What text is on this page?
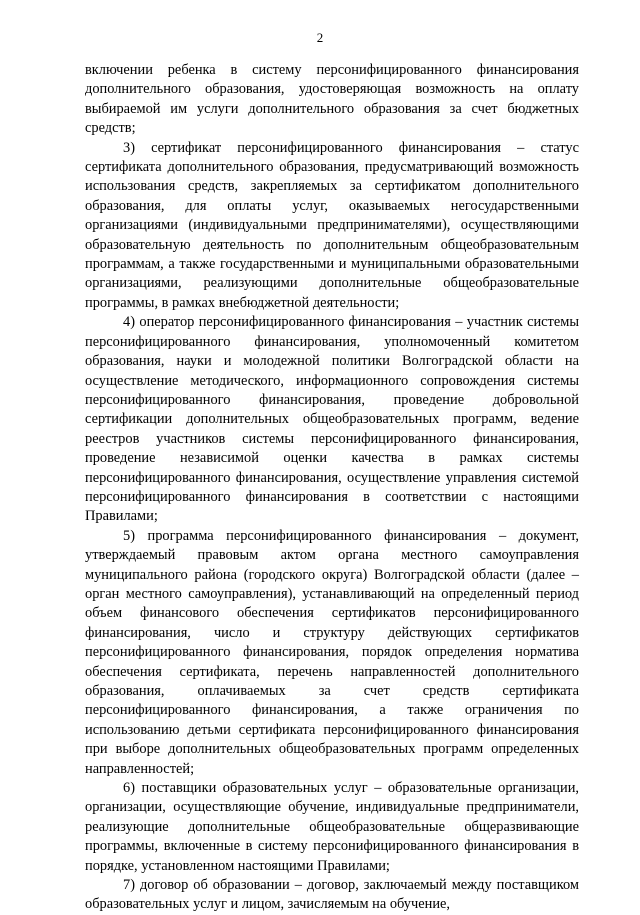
2

включении ребенка в систему персонифицированного финансирования дополнительного образования, удостоверяющая возможность на оплату выбираемой им услуги дополнительного образования за счет бюджетных средств;

3) сертификат персонифицированного финансирования – статус сертификата дополнительного образования, предусматривающий возможность использования средств, закрепляемых за сертификатом дополнительного образования, для оплаты услуг, оказываемых негосударственными организациями (индивидуальными предпринимателями), осуществляющими образовательную деятельность по дополнительным общеобразовательным программам, а также государственными и муниципальными образовательными организациями, реализующими дополнительные общеобразовательные программы, в рамках внебюджетной деятельности;

4) оператор персонифицированного финансирования – участник системы персонифицированного финансирования, уполномоченный комитетом образования, науки и молодежной политики Волгоградской области на осуществление методического, информационного сопровождения системы персонифицированного финансирования, проведение добровольной сертификации дополнительных общеобразовательных программ, ведение реестров участников системы персонифицированного финансирования, проведение независимой оценки качества в рамках системы персонифицированного финансирования, осуществление управления системой персонифицированного финансирования в соответствии с настоящими Правилами;

5) программа персонифицированного финансирования – документ, утверждаемый правовым актом органа местного самоуправления муниципального района (городского округа) Волгоградской области (далее – орган местного самоуправления), устанавливающий на определенный период объем финансового обеспечения сертификатов персонифицированного финансирования, число и структуру действующих сертификатов персонифицированного финансирования, порядок определения норматива обеспечения сертификата, перечень направленностей дополнительного образования, оплачиваемых за счет средств сертификата персонифицированного финансирования, а также ограничения по использованию детьми сертификата персонифицированного финансирования при выборе дополнительных общеобразовательных программ определенных направленностей;

6) поставщики образовательных услуг – образовательные организации, организации, осуществляющие обучение, индивидуальные предприниматели, реализующие дополнительные общеобразовательные общеразвивающие программы, включенные в систему персонифицированного финансирования в порядке, установленном настоящими Правилами;

7) договор об образовании – договор, заключаемый между поставщиком образовательных услуг и лицом, зачисляемым на обучение,
